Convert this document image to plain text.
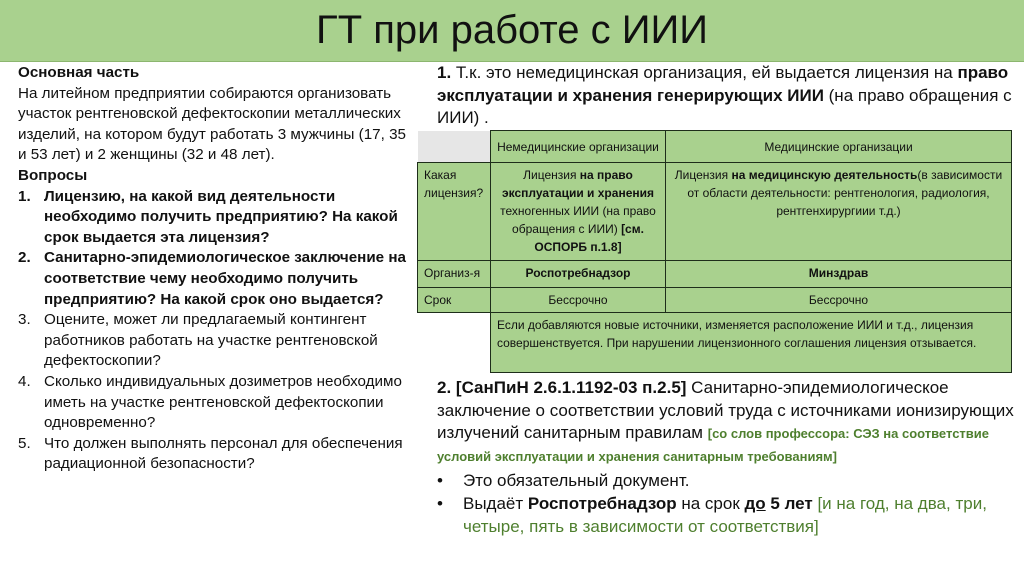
ГТ при работе с ИИИ
Основная часть
На литейном предприятии собираются организовать участок рентгеновской дефектоскопии металлических изделий, на котором будут работать 3 мужчины (17, 35 и 53 лет) и 2 женщины (32 и 48 лет).
Вопросы
1. Лицензию, на какой вид деятельности необходимо получить предприятию? На какой срок выдается эта лицензия?
2. Санитарно-эпидемиологическое заключение на соответствие чему необходимо получить предприятию? На какой срок оно выдается?
3. Оцените, может ли предлагаемый контингент работников работать на участке рентгеновской дефектоскопии?
4. Сколько индивидуальных дозиметров необходимо иметь на участке рентгеновской дефектоскопии одновременно?
5. Что должен выполнять персонал для обеспечения радиационной безопасности?
1. Т.к. это немедицинская организация, ей выдается лицензия на право эксплуатации и хранения генерирующих ИИИ (на право обращения с ИИИ) .
	Немедицинские организации	Медицинские организации
Какая лицензия?	Лицензия на право эксплуатации и хранения техногенных ИИИ (на право обращения с ИИИ) [см. ОСПОРБ п.1.8]	Лицензия на медицинскую деятельность(в зависимости от области деятельности: рентгенология, радиология, рентгенхирургиии т.д.)
Организ-я	Роспотребнадзор	Минздрав
Срок	Бессрочно	Бессрочно
	Если добавляются новые источники, изменяется расположение ИИИ и т.д., лицензия совершенствуется. При нарушении лицензионного соглашения лицензия отзывается.	
2. [СанПиН 2.6.1.1192-03 п.2.5] Санитарно-эпидемиологическое заключение о соответствии условий труда с источниками ионизирующих излучений санитарным правилам [со слов профессора: СЭЗ на соответствие условий эксплуатации и хранения санитарным требованиям]
•	Это обязательный документ.
•	Выдаёт Роспотребнадзор на срок до 5 лет [и на год, на два, три, четыре, пять в зависимости от соответствия]
